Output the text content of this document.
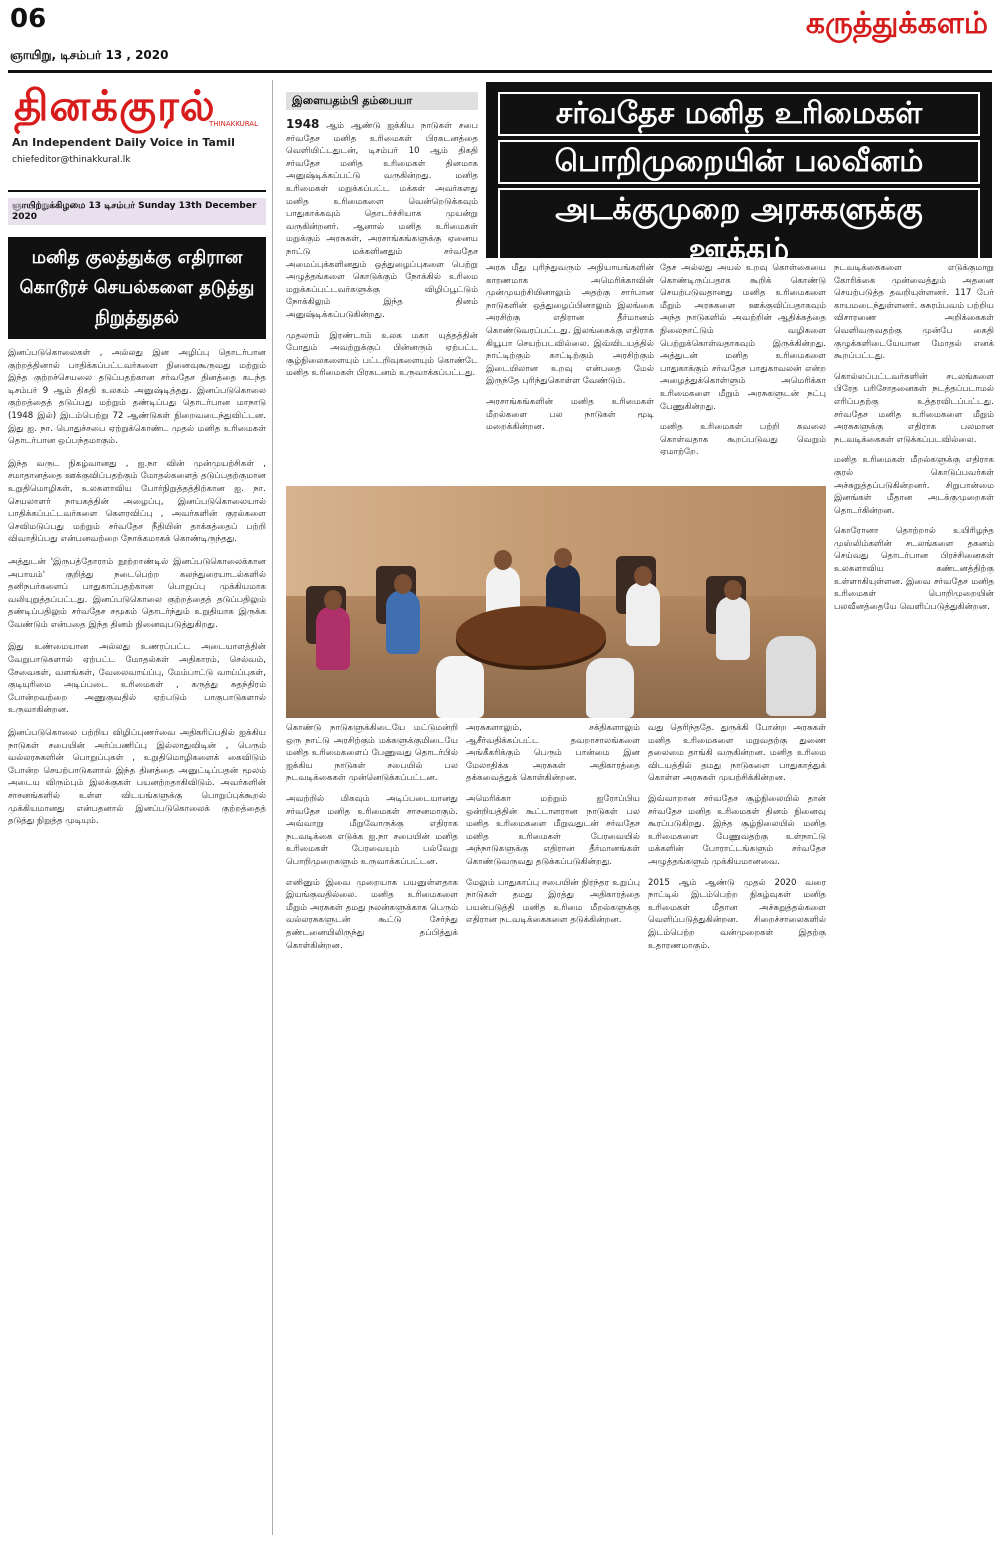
06
ஞாயிறு, டிசம்பர் 13 , 2020
கருத்துக்களம்
தினக்குரல்
THINAKKURAL
An Independent Daily Voice in Tamil
chiefeditor@thinakkural.lk
ஞாயிற்றுக்கிழமை 13 டிசம்பர் Sunday 13th December 2020
மனித குலத்துக்கு எதிரான கொடூரச் செயல்களை தடுத்து நிறுத்துதல்

இனப்படுகொலைகள் , அல்லது இன அழிப்பு தொடர்பான குற்றத்தினால் பாதிக்கப்பட்டவர்களை நினைவுகூருவது மற்றும் இந்த குற்றச்செயலை தடுப்பதற்கான சர்வதேச தினத்தை கடந்த டிசம்பர் 9 ஆம் திகதி உலகம் அனுஷ்டித்தது. இனப்படுகொலை குற்றத்தைத் தடுப்பது மற்றும் தண்டிப்பது தொடர்பான மாநாடு (1948 இல்) இடம்பெற்று 72 ஆண்டுகள் நிறைவடைந்துவிட்டன. இது ஐ. நா. பொதுச்சபை ஏற்றுக்கொண்ட முதல் மனித உரிமைகள் தொடர்பான ஒப்பந்தமாகும்.

இந்த வருட நிகழ்வானது , ஐ.நா வின் முன்முயற்சிகள் , சமாதானத்தை ஊக்குவிப்பதற்கும் மோதல்களைத் தடுப்பதற்குமான உறுதிமொழிகள், உலகளாவிய போர்நிறுத்தத்திற்கான ஐ. நா. செயலாளர் நாயகத்தின் அழைப்பு, இனப்படுகொலையால் பாதிக்கப்பட்டவர்களை கௌரவிப்பு , அவர்களின் குரல்களை செவிமடுப்பது மற்றும் சர்வதேச நீதியின் தாக்கத்தைப் பற்றி விவாதிப்பது என்பனவற்றை நோக்கமாகக் கொண்டிருந்தது.

அத்துடன் 'இருபத்தோராம் நூற்றாண்டில் இனப்படுகொலைக்கான அபாயம்' குறித்து நடைபெற்ற கலந்துரையாடல்களில் தனிநபர்களைப் பாதுகாப்பதற்கான பொறுப்பு முக்கியமாக வலியுறுத்தப்பட்டது. இனப்படுகொலை குற்றத்தைத் தடுப்பதிலும் தண்டிப்பதிலும் சர்வதேச சமூகம் தொடர்ந்தும் உறுதியாக இருக்க வேண்டும் என்பதை இந்த தினம் நினைவுபடுத்துகிறது.

இது உண்மையான அல்லது உணரப்பட்ட அடையாளத்தின் வேறுபாடுகளால் ஏற்பட்ட மோதல்கள் அதிகாரம், செல்வம், சேவைகள், வளங்கள், வேலைவாய்ப்பு, மேம்பாட்டு வாய்ப்புகள், குடியுரிமை அடிப்படை உரிமைகள் , கருத்து சுதந்திரம் போன்றவற்றை அணுகுவதில் ஏற்படும் பாகுபாடுகளால் உருவாகின்றன.

இனப்படுகொலை பற்றிய விழிப்புணர்வை அதிகரிப்பதில் ஐக்கிய நாடுகள் சபையின் அர்ப்பணிப்பு இல்லாதுவிடின் , பெரும் வல்லரசுகளின் பொறுப்புகள் , உறுதிமொழிகளைக் கைவிடும் போன்ற செயற்பாடுகளால் இந்த தினத்தை அனுட்டிப்பதன் மூலம் அடைய விரும்பும் இலக்குகள் பயனற்றதாகிவிடும். அவர்களின் சாசனங்களில் உள்ள விடயங்களுக்கு பொறுப்புக்கூறல் முக்கியமானது என்பதனால் இனப்படுகொலைக் குற்றத்தைத் தடுத்து நிறுத்த முடியும்.

இளையதம்பி தம்பையா	சர்வதேச மனித உரிமைகள்
பொறிமுறையின் பலவீனம்
அடக்குமுறை அரசுகளுக்கு ஊக்கம்

1948 ஆம் ஆண்டு ஐக்கிய நாடுகள் சபை சர்வதேச மனித உரிமைகள் பிரகடனத்தை வெளியிட்டதுடன், டிசம்பர் 10 ஆம் திகதி சர்வதேச மனித உரிமைகள் தினமாக அனுஷ்டிக்கப்பட்டு வருகின்றது. மனித உரிமைகள் மறுக்கப்பட்ட மக்கள் அவர்களது மனித உரிமைகளை வென்றெடுக்கவும் பாதுகாக்கவும் தொடர்ச்சியாக முயன்று வருகின்றனர். ஆனால் மனித உரிமைகள் மறுக்கும் அரசுகள், அரசாங்கங்களுக்கு ஏனைய நாட்டு மக்களினதும் சர்வதேச அமைப்புக்களினதும் ஒத்துழைப்புகளை பெற்று அழுத்தங்களை கொடுக்கும் நோக்கில் உரிமை மறுக்கப்பட்டவர்களுக்கு விழிப்பூட்டும் நோக்கிலும் இந்த தினம் அனுஷ்டிக்கப்படுகின்றது.

முதலாம் இரண்டாம் உலக மகா யுத்தத்தின் போதும் அவற்றுக்குப் பின்னரும் ஏற்பட்ட சூழ்நிலைகளையும் பட்டறிவுகளையும் கொண்டே மனித உரிமைகள் பிரகடனம் உருவாக்கப்பட்டது.

அரசு மீது புரிந்துவரும் அநியாயங்களின் காரணமாக அமெரிக்காவின் முன்முயற்சியினாலும் அதற்கு சார்பான நாடுகளின் ஒத்துழைப்பினாலும் இலங்கை அரசிற்கு எதிரான தீர்மானம் கொண்டுவரப்பட்டது. இலங்கைக்கு எதிராக கியூபா செயற்படவில்லை. இவ்விடயத்தில் நாட்டிற்கும் காட்டிற்கும் அரசிற்கும் இடையிலான உறவு என்பதை மேல் இருந்தே புரிந்துகொள்ள வேண்டும்.

அரசாங்கங்களின் மனித உரிமைகள் மீறல்களை பல நாடுகள் மூடி மறைக்கின்றன.

தேச அல்லது அயல் உறவு கொள்கையை கொண்டிருப்பதாக கூறிக் கொண்டு செயற்படுவதானது மனித உரிமைகளை மீறும் அரசுகளை ஊக்குவிப்பதாகவும் அந்த நாடுகளில் அவற்றின் ஆதிக்கத்தை நிலைநாட்டும் வழிகளை பெற்றுக்கொள்வதாகவும் இருக்கின்றது. அத்துடன் மனித உரிமைகளை பாதுகாக்கும் சர்வதேச பாதுகாவலன் என்ற அழைத்துக்கொள்ளும் அமெரிக்கா உரிமைகளை மீறும் அரசுகளுடன் நட்பு பேணுகின்றது.

மனித உரிமைகள் பற்றி கவலை கொள்வதாக கூறப்படுவது வெறும் ஏமாற்றே.

நடவடிக்கைகளை எடுக்குமாறு கோரிக்கை முன்வைத்தும் அதனை செயற்படுத்த தவறியுள்ளனர். 117 பேர் காயமடைந்துள்ளனர். சுசுரம்பவம் பற்றிய விசாரணை அறிக்கைகள் வெளிவருவதற்கு முன்பே கைதி குழுக்களிடையேயான மோதல் எனக் கூறப்பட்டது.

கொல்லப்பட்டவர்களின் சடலங்களை பிரேத பரிசோதனைகள் நடத்தப்படாமல் எரிப்பதற்கு உத்தரவிடப்பட்டது. சர்வதேச மனித உரிமைகளை மீறும் அரசுகளுக்கு எதிராக பலமான நடவடிக்கைகள் எடுக்கப்படவில்லை.

மனித உரிமைகள் மீறல்களுக்கு எதிராக குரல் கொடுப்பவர்கள் அச்சுறுத்தப்படுகின்றனர். சிறுபான்மை இனங்கள் மீதான அடக்குமுறைகள் தொடர்கின்றன.

கொரோனா தொற்றால் உயிரிழந்த முஸ்லிம்களின் சடலங்களை தகனம் செய்வது தொடர்பான பிரச்சினைகள் உலகளாவிய கண்டனத்திற்கு உள்ளாகியுள்ளன. இவை சர்வதேச மனித உரிமைகள் பொறிமுறையின் பலவீனத்தையே வெளிப்படுத்துகின்றன.

கொண்டு நாடுகளுக்கிடையே மட்டுமன்றி ஒரு நாட்டு அரசிற்கும் மக்களுக்குமிடையே மனித உரிமைகளைப் பேணுவது தொடர்பில் ஐக்கிய நாடுகள் சபையில் பல நடவடிக்கைகள் முன்னெடுக்கப்பட்டன.

அவற்றில் மிகவும் அடிப்படையானது சர்வதேச மனித உரிமைகள் சாசனமாகும். அவ்வாறு மீறுவோருக்கு எதிராக நடவடிக்கை எடுக்க ஐ.நா சபையின் மனித உரிமைகள் பேரவையும் பல்வேறு பொறிமுறைகளும் உருவாக்கப்பட்டன.

எனினும் இவை முறையாக பயனுள்ளதாக இயங்குவதில்லை. மனித உரிமைகளை மீறும் அரசுகள் தமது நலன்களுக்காக பெரும் வல்லரசுகளுடன் கூட்டு சேர்ந்து தண்டனையிலிருந்து தப்பித்துக் கொள்கின்றன.

அரசுகளாலும், சக்திகளாலும் ஆசீர்வதிக்கப்பட்ட தவறாசாலங்களை அங்கீகரிக்கும் பெரும் பான்மை இன மேலாதிக்க அரசுகள் அதிகாரத்தை தக்கவைத்துக் கொள்கின்றன.

அமெரிக்கா மற்றும் ஐரோப்பிய ஒன்றியத்தின் கூட்டாளரான நாடுகள் பல மனித உரிமைகளை மீறுவதுடன் சர்வதேச மனித உரிமைகள் பேரவையில் அந்நாடுகளுக்கு எதிரான தீர்மானங்கள் கொண்டுவருவது தடுக்கப்படுகின்றது.

மேலும் பாதுகாப்பு சபையின் நிரந்தர உறுப்பு நாடுகள் தமது இரத்து அதிகாரத்தை பயன்படுத்தி மனித உரிமை மீறல்களுக்கு எதிரான நடவடிக்கைகளை தடுக்கின்றன.

வது தெரிந்ததே. துருக்கி போன்ற அரசுகள் மனித உரிமைகளை மறுவதற்கு துணை தலைமை தாங்கி வருகின்றன. மனித உரிமை விடயத்தில் தமது நாடுகளை பாதுகாத்துக் கொள்ள அரசுகள் முயற்சிக்கின்றன.

இவ்வாறான சர்வதேச சூழ்நிலையில் தான் சர்வதேச மனித உரிமைகள் தினம் நினைவு கூரப்படுகிறது. இந்த சூழ்நிலையில் மனித உரிமைகளை பேணுவதற்கு உள்நாட்டு மக்களின் போராட்டங்களும் சர்வதேச அழுத்தங்களும் முக்கியமானவை.

2015 ஆம் ஆண்டு முதல் 2020 வரை நாட்டில் இடம்பெற்ற நிகழ்வுகள் மனித உரிமைகள் மீதான அச்சுறுத்தல்களை வெளிப்படுத்துகின்றன. சிறைச்சாலைகளில் இடம்பெற்ற வன்முறைகள் இதற்கு உதாரணமாகும்.
